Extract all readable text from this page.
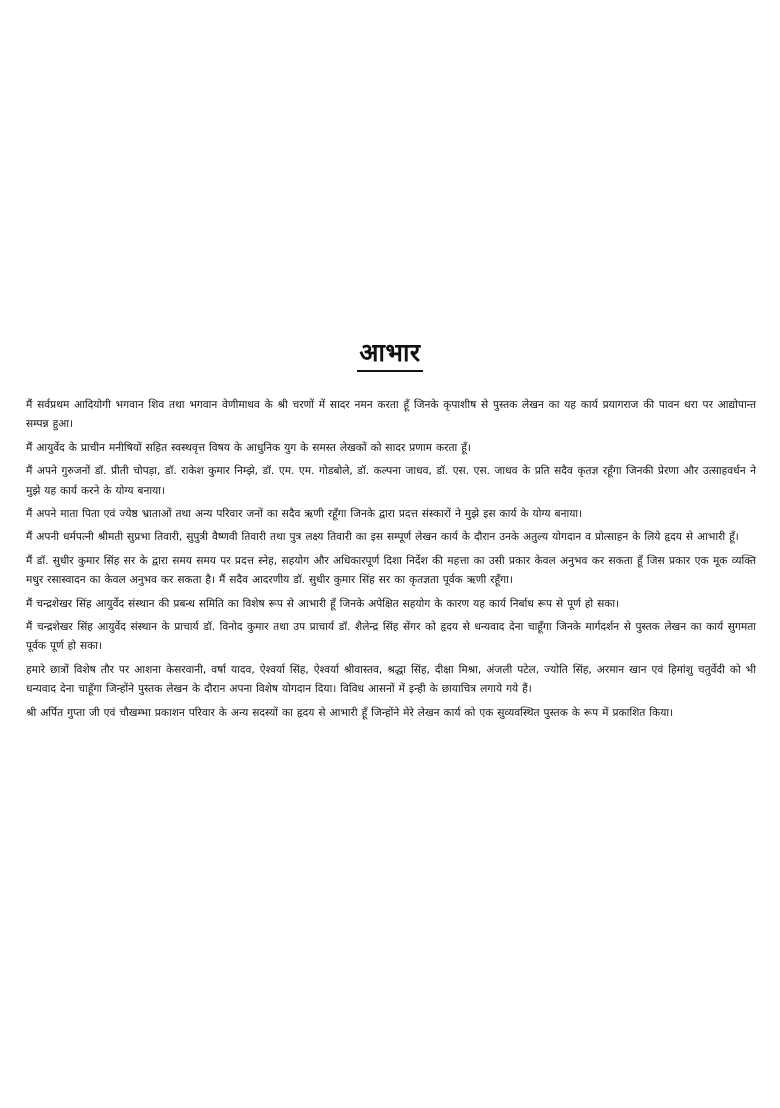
आभार

मैं सर्वप्रथम आदियोगी भगवान शिव तथा भगवान वेणीमाधव के श्री चरणों में सादर नमन करता हूँ जिनके कृपाशीष से पुस्तक लेखन का यह कार्य प्रयागराज की पावन धरा पर आद्योपान्त सम्पन्न हुआ।

मैं आयुर्वेद के प्राचीन मनीषियों सहित स्वस्थवृत्त विषय के आधुनिक युग के समस्त लेखकों को सादर प्रणाम करता हूँ।

मैं अपने गुरुजनों डॉ. प्रीती चोपड़ा, डॉ. राकेश कुमार निम्झे, डॉ. एम. एम. गोडबोले, डॉ. कल्पना जाधव, डॉ. एस. एस. जाधव के प्रति सदैव कृतज्ञ रहूँगा जिनकी प्रेरणा और उत्साहवर्धन ने मुझे यह कार्य करने के योग्य बनाया।

मैं अपने माता पिता एवं ज्येष्ठ भ्राताओं तथा अन्य परिवार जनों का सदैव ऋणी रहूँगा जिनके द्वारा प्रदत्त संस्कारों ने मुझे इस कार्य के योग्य बनाया।

मैं अपनी धर्मपत्नी श्रीमती सुप्रभा तिवारी, सुपुत्री वैष्णवी तिवारी तथा पुत्र लक्ष्य तिवारी का इस सम्पूर्ण लेखन कार्य के दौरान उनके अतुल्य योगदान व प्रोत्साहन के लिये हृदय से आभारी हूँ।

मैं डॉ. सुधीर कुमार सिंह सर के द्वारा समय समय पर प्रदत्त स्नेह, सहयोग और अधिकारपूर्ण दिशा निर्देश की महत्ता का उसी प्रकार केवल अनुभव कर सकता हूँ जिस प्रकार एक मूक व्यक्ति मधुर रसास्वादन का केवल अनुभव कर सकता है। मैं सदैव आदरणीय डॉ. सुधीर कुमार सिंह सर का कृतज्ञता पूर्वक ऋणी रहूँगा।

मैं चन्द्रशेखर सिंह आयुर्वेद संस्थान की प्रबन्ध समिति का विशेष रूप से आभारी हूँ जिनके अपेक्षित सहयोग के कारण यह कार्य निर्बाध रूप से पूर्ण हो सका।

मैं चन्द्रशेखर सिंह आयुर्वेद संस्थान के प्राचार्य डॉ. विनोद कुमार तथा उप प्राचार्य डॉ. शैलेन्द्र सिंह सेंगर को हृदय से धन्यवाद देना चाहूँगा जिनके मार्गदर्शन से पुस्तक लेखन का कार्य सुगमता पूर्वक पूर्ण हो सका।

हमारे छात्रों विशेष तौर पर आशना केसरवानी, वर्षा यादव, ऐश्वर्या सिंह, ऐश्वर्या श्रीवास्तव, श्रद्धा सिंह, दीक्षा मिश्रा, अंजली पटेल, ज्योति सिंह, अरमान खान एवं हिमांशु चतुर्वेदी को भी धन्यवाद देना चाहूँगा जिन्होंने पुस्तक लेखन के दौरान अपना विशेष योगदान दिया। विविध आसनों में इन्ही के छायाचित्र लगाये गये हैं।

श्री अर्पित गुप्ता जी एवं चौखम्भा प्रकाशन परिवार के अन्य सदस्यों का हृदय से आभारी हूँ जिन्होंने मेरे लेखन कार्य को एक सुव्यवस्थित पुस्तक के रूप में प्रकाशित किया।
